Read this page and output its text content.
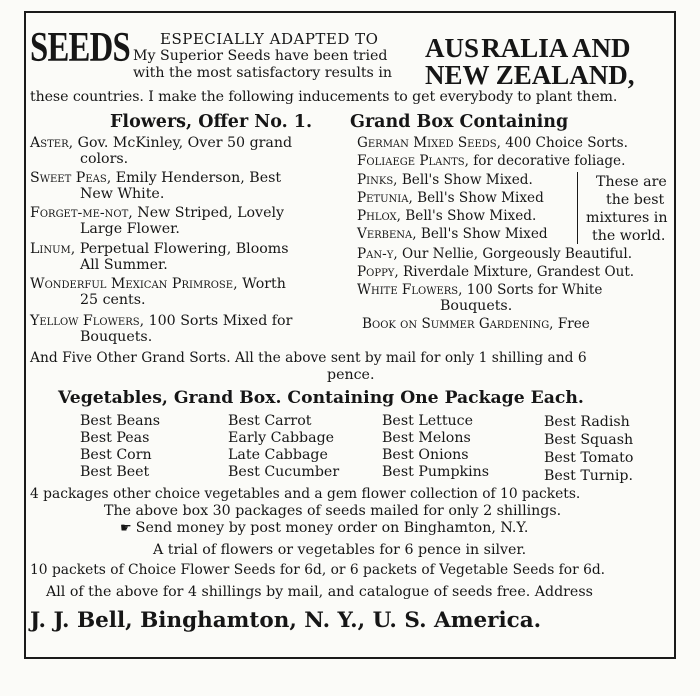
SEEDS ESPECIALLY ADAPTED TO
My Superior Seeds have been tried
with the most satisfactory results in
AUS RALIA AND
NEW ZEALAND,
these countries. I make the following inducements to get everybody to plant them.
Flowers, Offer No. 1.
Aster, Gov. McKinley, Over 50 grand
colors.
Sweet Peas, Emily Henderson, Best
New White.
Forget-me-not, New Striped, Lovely
Large Flower.
Linum, Perpetual Flowering, Blooms
All Summer.
Wonderful Mexican Primrose, Worth
25 cents.
Yellow Flowers, 100 Sorts Mixed for
Bouquets.
Grand Box Containing
German Mixed Seeds, 400 Choice Sorts.
Foliaege Plants, for decorative foliage.
Pinks, Bell's Show Mixed.
Petunia, Bell's Show Mixed
Phlox, Bell's Show Mixed.
Verbena, Bell's Show Mixed
These are
the best
mixtures in
the world.
Pan-y, Our Nellie, Gorgeously Beautiful.
Poppy, Riverdale Mixture, Grandest Out.
White Flowers, 100 Sorts for White
Bouquets.
Book on Summer Gardening, Free
And Five Other Grand Sorts. All the above sent by mail for only 1 shilling and 6
pence.
Vegetables, Grand Box. Containing One Package Each.
Best Beans
Best Peas
Best Corn
Best Beet
Best Carrot
Early Cabbage
Late Cabbage
Best Cucumber
Best Lettuce
Best Melons
Best Onions
Best Pumpkins
Best Radish
Best Squash
Best Tomato
Best Turnip.
4 packages other choice vegetables and a gem flower collection of 10 packets.
The above box 30 packages of seeds mailed for only 2 shillings.
☛ Send money by post money order on Binghamton, N.Y.
A trial of flowers or vegetables for 6 pence in silver.
10 packets of Choice Flower Seeds for 6d, or 6 packets of Vegetable Seeds for 6d.
All of the above for 4 shillings by mail, and catalogue of seeds free. Address
J. J. Bell, Binghamton, N. Y., U. S. America.
